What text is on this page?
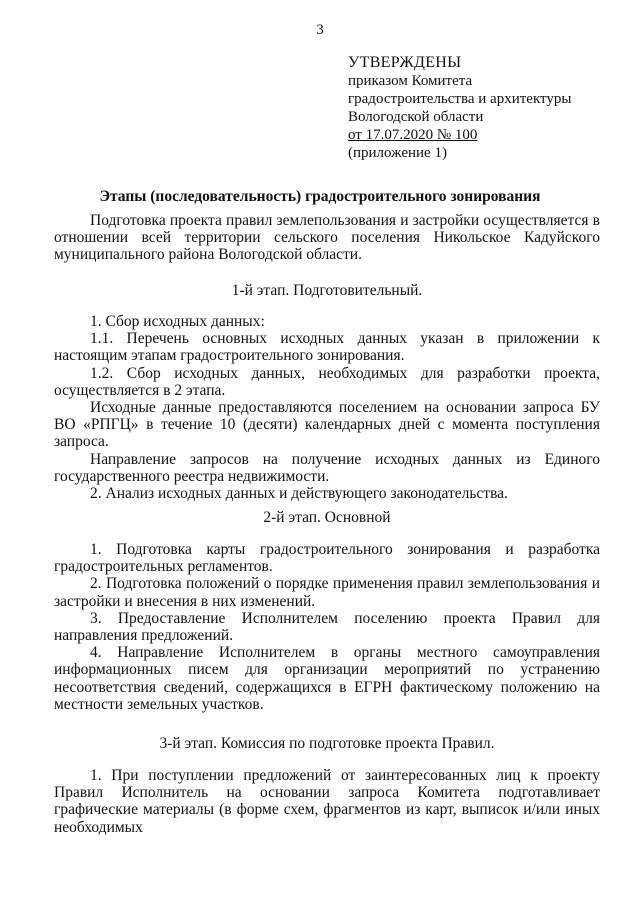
3
УТВЕРЖДЕНЫ
приказом Комитета
градостроительства и архитектуры
Вологодской области
от 17.07.2020 № 100
(приложение 1)
Этапы (последовательность) градостроительного зонирования
Подготовка проекта правил землепользования и застройки осуществляется в отношении всей территории сельского поселения Никольское Кадуйского муниципального района Вологодской области.
1-й этап. Подготовительный.

1. Сбор исходных данных:

1.1. Перечень основных исходных данных указан в приложении к настоящим этапам градостроительного зонирования.

1.2. Сбор исходных данных, необходимых для разработки проекта, осуществляется в 2 этапа.

Исходные данные предоставляются поселением на основании запроса БУ ВО «РПГЦ» в течение 10 (десяти) календарных дней с момента поступления запроса.

Направление запросов на получение исходных данных из Единого государственного реестра недвижимости.

2. Анализ исходных данных и действующего законодательства.

2-й этап. Основной

1. Подготовка карты градостроительного зонирования и разработка градостроительных регламентов.

2. Подготовка положений о порядке применения правил землепользования и застройки и внесения в них изменений.

3. Предоставление Исполнителем поселению проекта Правил для направления предложений.

4. Направление Исполнителем в органы местного самоуправления информационных писем для организации мероприятий по устранению несоответствия сведений, содержащихся в ЕГРН фактическому положению на местности земельных участков.

3-й этап. Комиссия по подготовке проекта Правил.

1. При поступлении предложений от заинтересованных лиц к проекту Правил Исполнитель на основании запроса Комитета подготавливает графические материалы (в форме схем, фрагментов из карт, выписок и/или иных необходимых
